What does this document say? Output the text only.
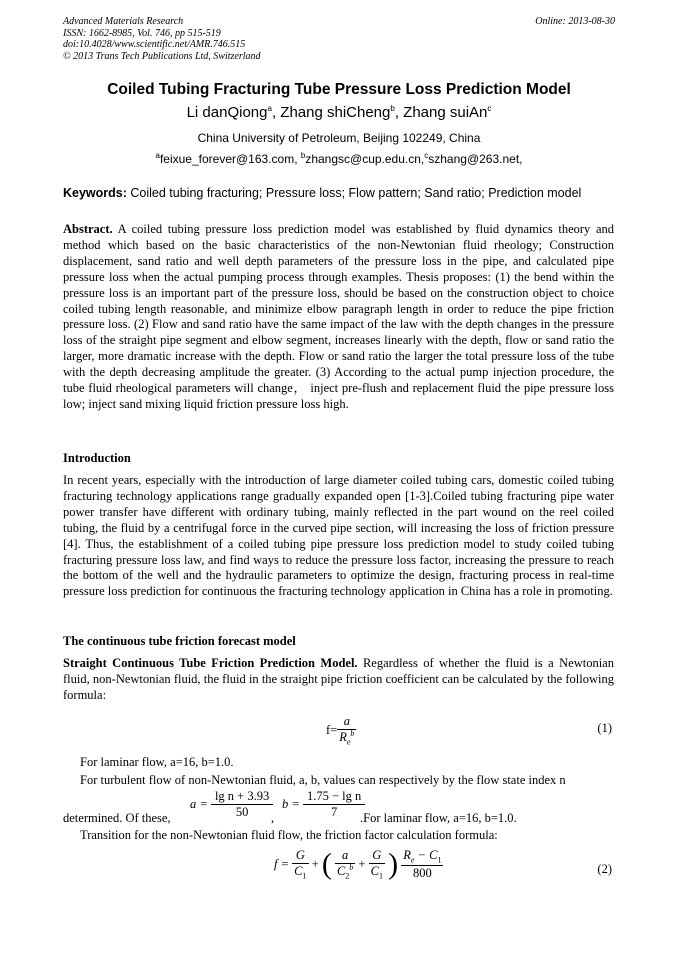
Advanced Materials Research
ISSN: 1662-8985, Vol. 746, pp 515-519
doi:10.4028/www.scientific.net/AMR.746.515
© 2013 Trans Tech Publications Ltd, Switzerland
Online: 2013-08-30
Coiled Tubing Fracturing Tube Pressure Loss Prediction Model
Li danQiong$^a$, Zhang shiCheng$^b$, Zhang suiAn$^c$
China University of Petroleum, Beijing 102249, China
$^a$feixue_forever@163.com, $^b$zhangsc@cup.edu.cn,$^c$szhang@263.net,
Keywords: Coiled tubing fracturing; Pressure loss; Flow pattern; Sand ratio; Prediction model
Abstract. A coiled tubing pressure loss prediction model was established by fluid dynamics theory and method which based on the basic characteristics of the non-Newtonian fluid rheology; Construction displacement, sand ratio and well depth parameters of the pressure loss in the pipe, and calculated pipe pressure loss when the actual pumping process through examples. Thesis proposes: (1) the bend within the pressure loss is an important part of the pressure loss, should be based on the construction object to choice coiled tubing length reasonable, and minimize elbow paragraph length in order to reduce the pipe friction pressure loss. (2) Flow and sand ratio have the same impact of the law with the depth changes in the pressure loss of the straight pipe segment and elbow segment, increases linearly with the depth, flow or sand ratio the larger, more dramatic increase with the depth. Flow or sand ratio the larger the total pressure loss of the tube with the depth decreasing amplitude the greater. (3) According to the actual pump injection procedure, the tube fluid rheological parameters will change， inject pre-flush and replacement fluid the pipe pressure loss low; inject sand mixing liquid friction pressure loss high.
Introduction
In recent years, especially with the introduction of large diameter coiled tubing cars, domestic coiled tubing fracturing technology applications range gradually expanded open [1-3].Coiled tubing fracturing pipe water power transfer have different with ordinary tubing, mainly reflected in the part wound on the reel coiled tubing, the fluid by a centrifugal force in the curved pipe section, will increasing the loss of friction pressure [4]. Thus, the establishment of a coiled tubing pipe pressure loss prediction model to study coiled tubing fracturing pressure loss law, and find ways to reduce the pressure loss factor, increasing the pressure to reach the bottom of the well and the hydraulic parameters to optimize the design, fracturing process in real-time pressure loss prediction for continuous the fracturing technology application in China has a role in promoting.
The continuous tube friction forecast model
Straight Continuous Tube Friction Prediction Model. Regardless of whether the fluid is a Newtonian fluid, non-Newtonian fluid, the fluid in the straight pipe friction coefficient can be calculated by the following formula:
$f= \frac{a}{R_e^b}$	(1)
For laminar flow, a=16, b=1.0.
For turbulent flow of non-Newtonian fluid, a, b, values can respectively by the flow state index n
$a = \frac{\text{lg n + 3.93}}{50}$ $b = \frac{\text{1.75 − lg n}}{7}$
determined. Of these,	,	.For laminar flow, a=16, b=1.0.
Transition for the non-Newtonian fluid flow, the friction factor calculation formula:
$f = \frac{G}{C_1}$ + ( $\frac{a}{C_2^b} + \frac{G}{C_1}$ ) $\frac{R_e - C_1}{800}$	(2)
